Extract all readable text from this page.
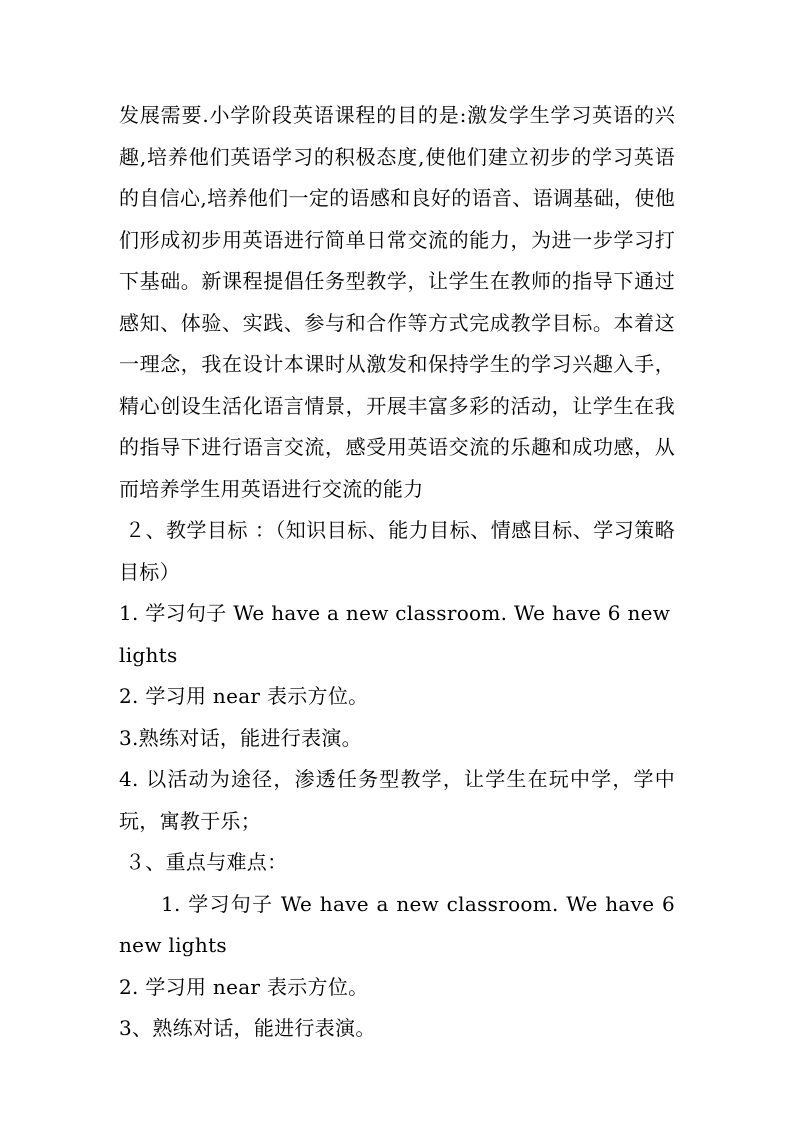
发展需要.小学阶段英语课程的目的是:激发学生学习英语的兴趣,培养他们英语学习的积极态度,使他们建立初步的学习英语的自信心,培养他们一定的语感和良好的语音、语调基础，使他们形成初步用英语进行简单日常交流的能力，为进一步学习打下基础。新课程提倡任务型教学，让学生在教师的指导下通过感知、体验、实践、参与和合作等方式完成教学目标。本着这一理念，我在设计本课时从激发和保持学生的学习兴趣入手，精心创设生活化语言情景，开展丰富多彩的活动，让学生在我的指导下进行语言交流，感受用英语交流的乐趣和成功感，从而培养学生用英语进行交流的能力

２、教学目标 ：（知识目标、能力目标、情感目标、学习策略目标）

1. 学习句子 We have a new classroom. We have 6 new lights

2. 学习用 near 表示方位。

3.熟练对话，能进行表演。

4. 以活动为途径，渗透任务型教学，让学生在玩中学，学中玩，寓教于乐；

３、重点与难点：

1. 学习句子 We have a new classroom. We have 6 new lights

2. 学习用 near 表示方位。

3、熟练对话，能进行表演。
